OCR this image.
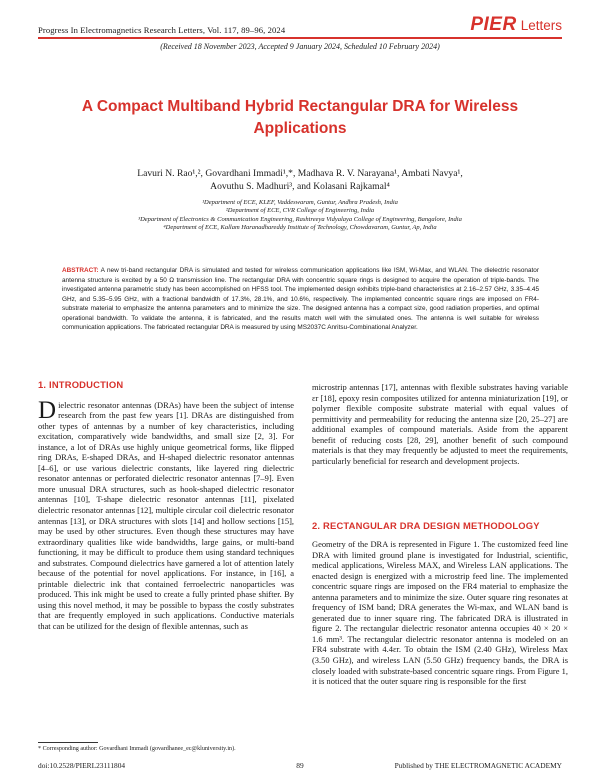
Progress In Electromagnetics Research Letters, Vol. 117, 89–96, 2024	PIER Letters
(Received 18 November 2023, Accepted 9 January 2024, Scheduled 10 February 2024)
A Compact Multiband Hybrid Rectangular DRA for Wireless Applications
Lavuri N. Rao¹,², Govardhani Immadi¹,*, Madhava R. V. Narayana¹, Ambati Navya¹,
Aovuthu S. Madhuri³, and Kolasani Rajkamal⁴
¹Department of ECE, KLEF, Vaddeswaram, Guntur, Andhra Pradesh, India
²Department of ECE, CVR College of Engineering, India
³Department of Electronics & Communication Engineering, Rashtreeya Vidyalaya College of Engineering, Bangalore, India
⁴Department of ECE, Kallam Haranadhareddy Institute of Technology, Chowdavaram, Guntur, Ap, India
ABSTRACT: A new tri-band rectangular DRA is simulated and tested for wireless communication applications like ISM, Wi-Max, and WLAN. The dielectric resonator antenna structure is excited by a 50 Ω transmission line. The rectangular DRA with concentric square rings is designed to acquire the operation of triple-bands. The investigated antenna parametric study has been accomplished on HFSS tool. The implemented design exhibits triple-band characteristics at 2.16–2.57 GHz, 3.35–4.45 GHz, and 5.35–5.95 GHz, with a fractional bandwidth of 17.3%, 28.1%, and 10.6%, respectively. The implemented concentric square rings are imposed on FR4-substrate material to emphasize the antenna parameters and to minimize the size. The designed antenna has a compact size, good radiation properties, and optimal operational bandwidth. To validate the antenna, it is fabricated, and the results match well with the simulated ones. The antenna is well suitable for wireless communication applications. The fabricated rectangular DRA is measured by using MS2037C Anritsu-Combinational Analyzer.
1. INTRODUCTION
Dielectric resonator antennas (DRAs) have been the subject of intense research from the past few years [1]. DRAs are distinguished from other types of antennas by a number of key characteristics, including excitation, comparatively wide bandwidths, and small size [2, 3]. For instance, a lot of DRAs use highly unique geometrical forms, like flipped ring DRAs, E-shaped DRAs, and H-shaped dielectric resonator antennas [4–6], or use various dielectric constants, like layered ring dielectric resonator antennas or perforated dielectric resonator antennas [7–9]. Even more unusual DRA structures, such as hook-shaped dielectric resonator antennas [10], T-shape dielectric resonator antennas [11], pixelated dielectric resonator antennas [12], multiple circular coil dielectric resonator antennas [13], or DRA structures with slots [14] and hollow sections [15], may be used by other structures. Even though these structures may have extraordinary qualities like wide bandwidths, large gains, or multi-band functioning, it may be difficult to produce them using standard techniques and substrates. Compound dielectrics have garnered a lot of attention lately because of the potential for novel applications. For instance, in [16], a printable dielectric ink that contained ferroelectric nanoparticles was produced. This ink might be used to create a fully printed phase shifter. By using this novel method, it may be possible to bypass the costly substrates that are frequently employed in such applications. Conductive materials that can be utilized for the design of flexible antennas, such as
microstrip antennas [17], antennas with flexible substrates having variable εr [18], epoxy resin composites utilized for antenna miniaturization [19], or polymer flexible composite substrate material with equal values of permittivity and permeability for reducing the antenna size [20, 25–27] are additional examples of compound materials. Aside from the apparent benefit of reducing costs [28, 29], another benefit of such compound materials is that they may frequently be adjusted to meet the requirements, particularly beneficial for research and development projects.
2. RECTANGULAR DRA DESIGN METHODOLOGY
Geometry of the DRA is represented in Figure 1. The customized feed line DRA with limited ground plane is investigated for Industrial, scientific, medical applications, Wireless MAX, and Wireless LAN applications. The enacted design is energized with a microstrip feed line. The implemented concentric square rings are imposed on the FR4 material to emphasize the antenna parameters and to minimize the size. Outer square ring resonates at frequency of ISM band; DRA generates the Wi-max, and WLAN band is generated due to inner square ring. The fabricated DRA is illustrated in figure 2. The rectangular dielectric resonator antenna occupies 40 × 20 × 1.6 mm³. The rectangular dielectric resonator antenna is modeled on an FR4 substrate with 4.4εr. To obtain the ISM (2.40 GHz), Wireless Max (3.50 GHz), and wireless LAN (5.50 GHz) frequency bands, the DRA is closely loaded with substrate-based concentric square rings. From Figure 1, it is noticed that the outer square ring is responsible for the first
* Corresponding author: Govardhani Immadi (govardhanee_ec@kluniversity.in).
doi:10.2528/PIERL23111804	89	Published by THE ELECTROMAGNETIC ACADEMY
